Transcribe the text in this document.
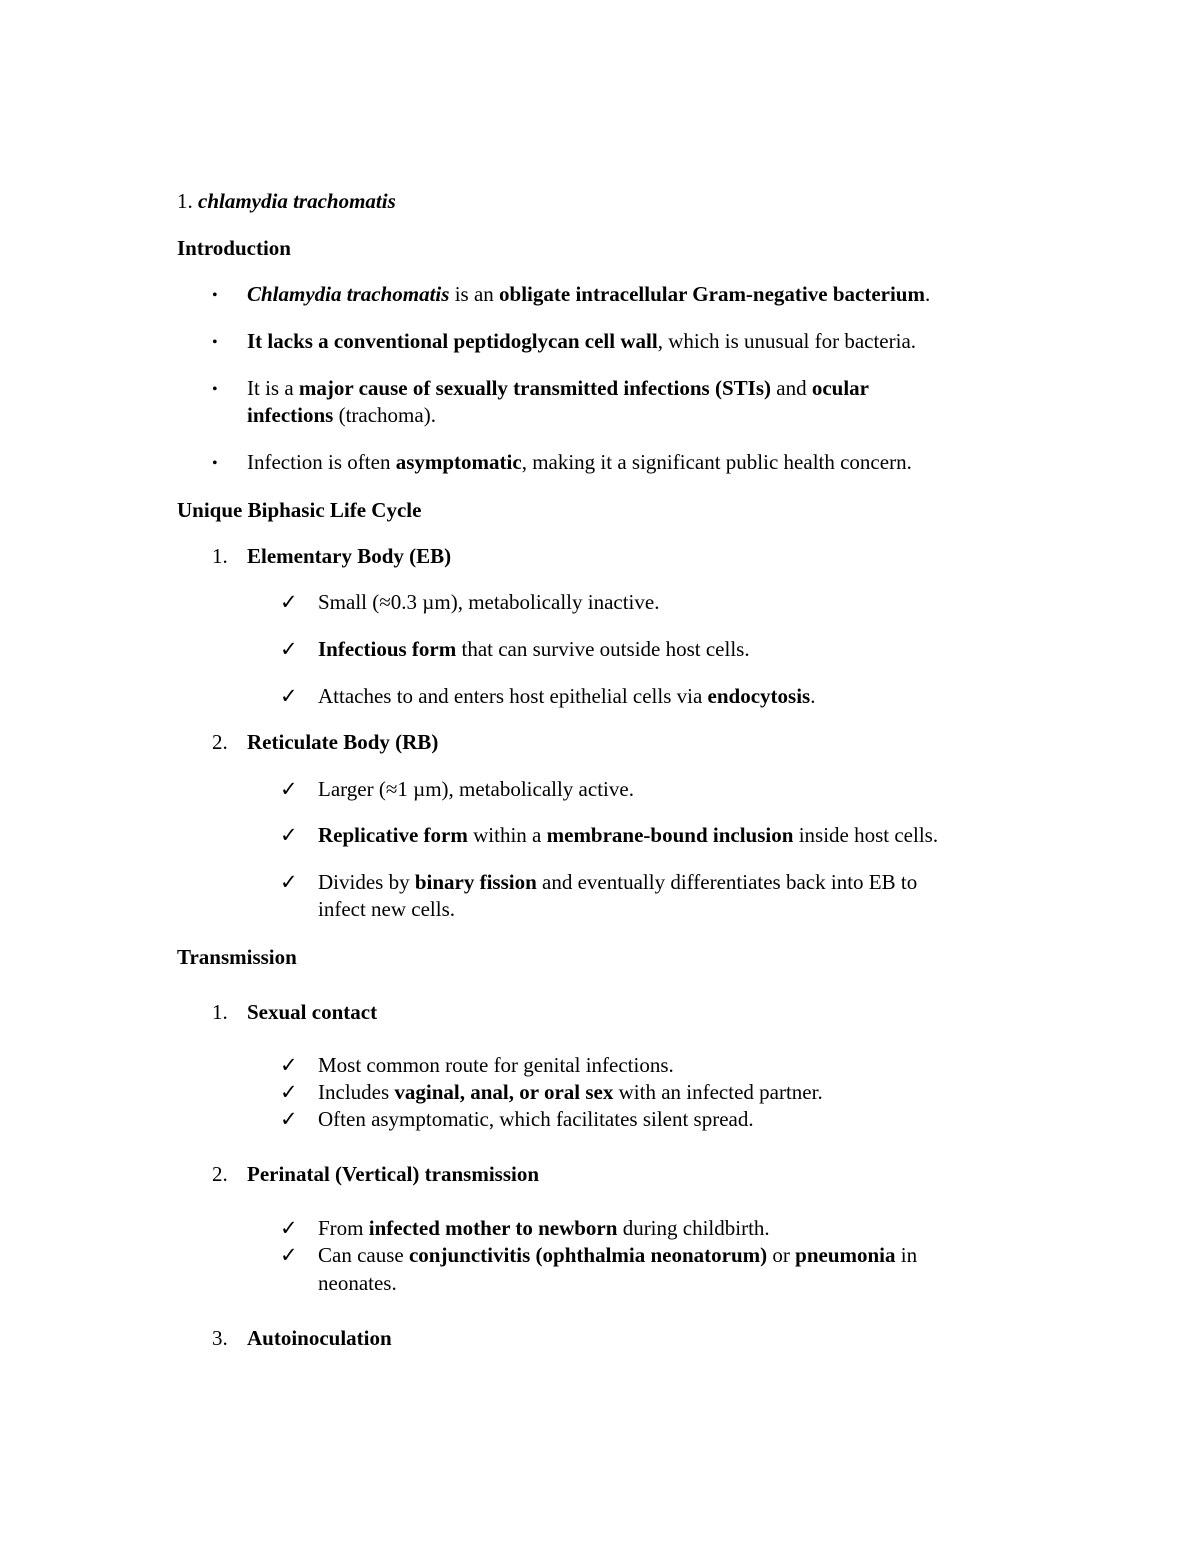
1. chlamydia trachomatis
Introduction
• Chlamydia trachomatis is an obligate intracellular Gram-negative bacterium.
• It lacks a conventional peptidoglycan cell wall, which is unusual for bacteria.
• It is a major cause of sexually transmitted infections (STIs) and ocular
infections (trachoma).
• Infection is often asymptomatic, making it a significant public health concern.
Unique Biphasic Life Cycle
1. Elementary Body (EB)
✓ Small (≈0.3 µm), metabolically inactive.
✓ Infectious form that can survive outside host cells.
✓ Attaches to and enters host epithelial cells via endocytosis.
2. Reticulate Body (RB)
✓ Larger (≈1 µm), metabolically active.
✓ Replicative form within a membrane-bound inclusion inside host cells.
✓ Divides by binary fission and eventually differentiates back into EB to
infect new cells.
Transmission
1. Sexual contact
✓ Most common route for genital infections.
✓ Includes vaginal, anal, or oral sex with an infected partner.
✓ Often asymptomatic, which facilitates silent spread.
2. Perinatal (Vertical) transmission
✓ From infected mother to newborn during childbirth.
✓ Can cause conjunctivitis (ophthalmia neonatorum) or pneumonia in
neonates.
3. Autoinoculation
